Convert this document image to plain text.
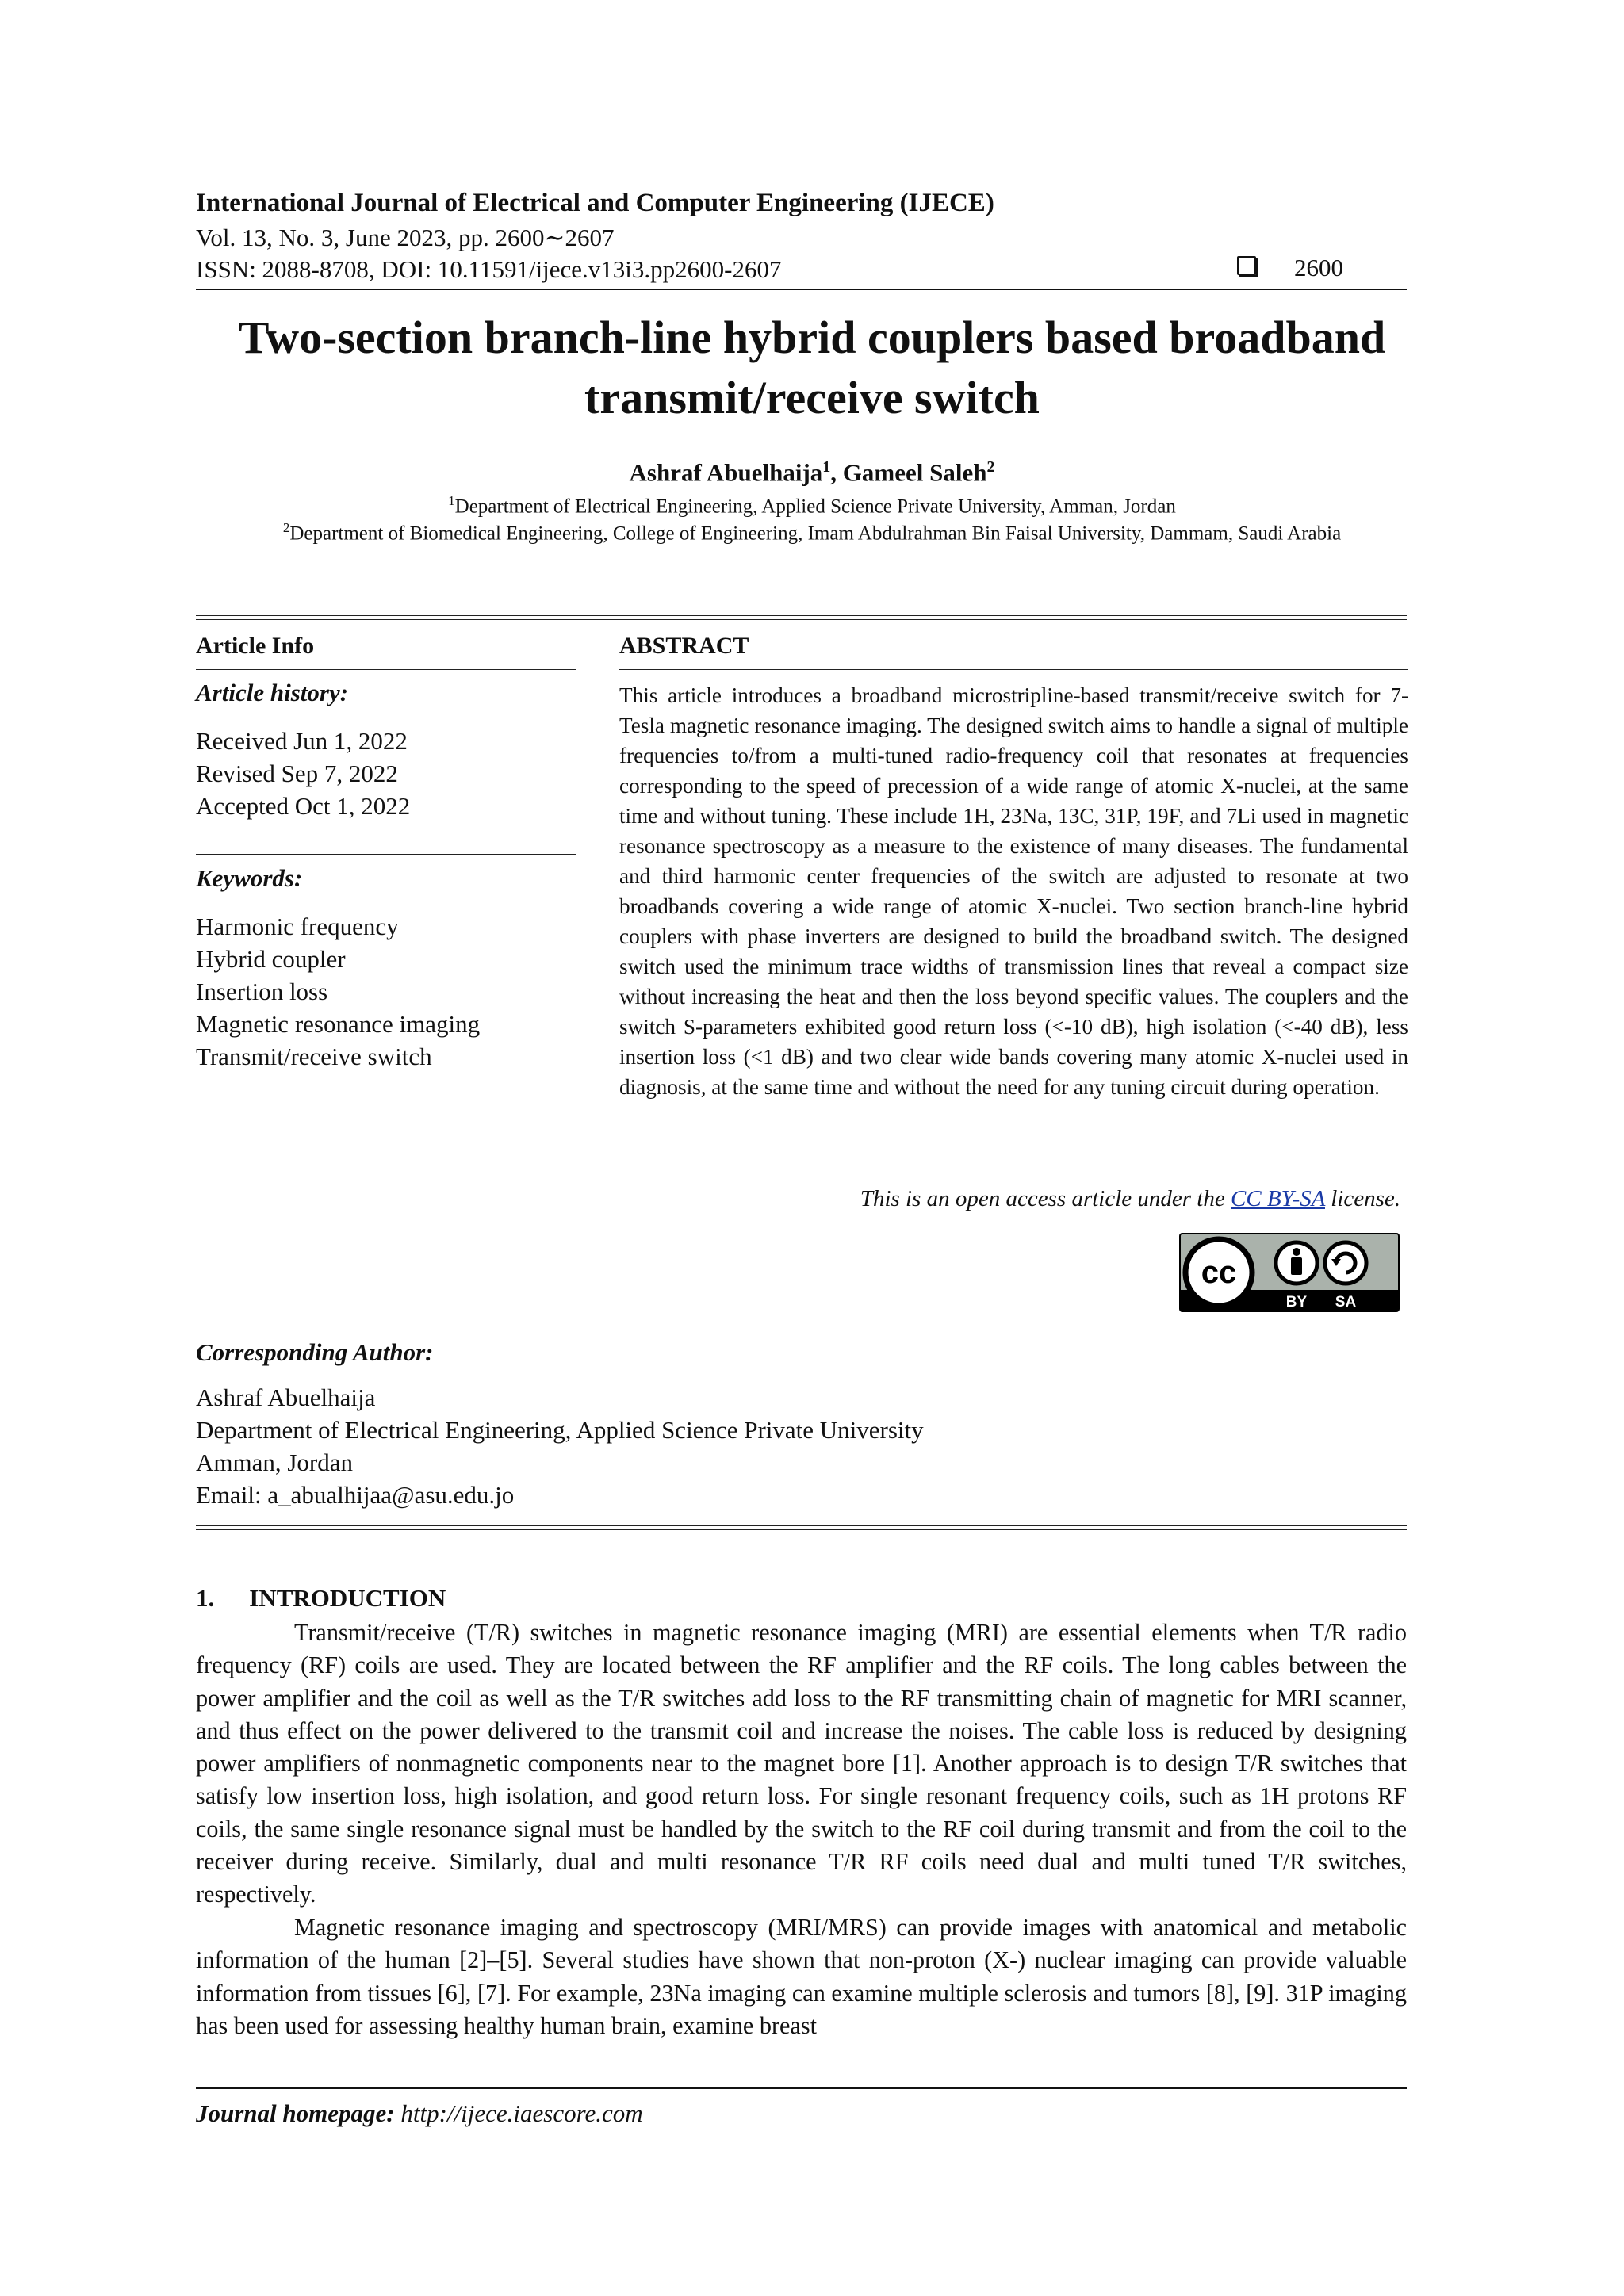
International Journal of Electrical and Computer Engineering (IJECE)
Vol. 13, No. 3, June 2023, pp. 2600∼2607
ISSN: 2088-8708, DOI: 10.11591/ijece.v13i3.pp2600-2607	2600
Two-section branch-line hybrid couplers based broadband
transmit/receive switch
Ashraf Abuelhaija$^1$, Gameel Saleh$^2$
$^1$Department of Electrical Engineering, Applied Science Private University, Amman, Jordan
$^2$Department of Biomedical Engineering, College of Engineering, Imam Abdulrahman Bin Faisal University, Dammam, Saudi Arabia
Article Info
Article history:
Received Jun 1, 2022
Revised Sep 7, 2022
Accepted Oct 1, 2022
Keywords:
Harmonic frequency
Hybrid coupler
Insertion loss
Magnetic resonance imaging
Transmit/receive switch
ABSTRACT

This article introduces a broadband microstripline-based transmit/receive switch for 7-Tesla magnetic resonance imaging. The designed switch aims to handle a signal of multiple frequencies to/from a multi-tuned radio-frequency coil that resonates at frequencies corresponding to the speed of precession of a wide range of atomic X-nuclei, at the same time and without tuning. These include 1H, 23Na, 13C, 31P, 19F, and 7Li used in magnetic resonance spectroscopy as a measure to the existence of many diseases. The fundamental and third harmonic center frequencies of the switch are adjusted to resonate at two broadbands covering a wide range of atomic X-nuclei. Two section branch-line hybrid couplers with phase inverters are designed to build the broadband switch. The designed switch used the minimum trace widths of transmission lines that reveal a compact size without increasing the heat and then the loss beyond specific values. The couplers and the switch S-parameters exhibited good return loss (<-10 dB), high isolation (<-40 dB), less insertion loss (<1 dB) and two clear wide bands covering many atomic X-nuclei used in diagnosis, at the same time and without the need for any tuning circuit during operation.

This is an open access article under the CC BY-SA license.
cc
BY SA
Corresponding Author:
Ashraf Abuelhaija
Department of Electrical Engineering, Applied Science Private University
Amman, Jordan
Email: a_abualhijaa@asu.edu.jo
1. INTRODUCTION

Transmit/receive (T/R) switches in magnetic resonance imaging (MRI) are essential elements when T/R radio frequency (RF) coils are used. They are located between the RF amplifier and the RF coils. The long cables between the power amplifier and the coil as well as the T/R switches add loss to the RF transmitting chain of magnetic for MRI scanner, and thus effect on the power delivered to the transmit coil and increase the noises. The cable loss is reduced by designing power amplifiers of nonmagnetic components near to the magnet bore [1]. Another approach is to design T/R switches that satisfy low insertion loss, high isolation, and good return loss. For single resonant frequency coils, such as 1H protons RF coils, the same single resonance signal must be handled by the switch to the RF coil during transmit and from the coil to the receiver during receive. Similarly, dual and multi resonance T/R RF coils need dual and multi tuned T/R switches, respectively.

Magnetic resonance imaging and spectroscopy (MRI/MRS) can provide images with anatomical and metabolic information of the human [2]–[5]. Several studies have shown that non-proton (X-) nuclear imaging can provide valuable information from tissues [6], [7]. For example, 23Na imaging can examine multiple sclerosis and tumors [8], [9]. 31P imaging has been used for assessing healthy human brain, examine breast

Journal homepage: http://ijece.iaescore.com
